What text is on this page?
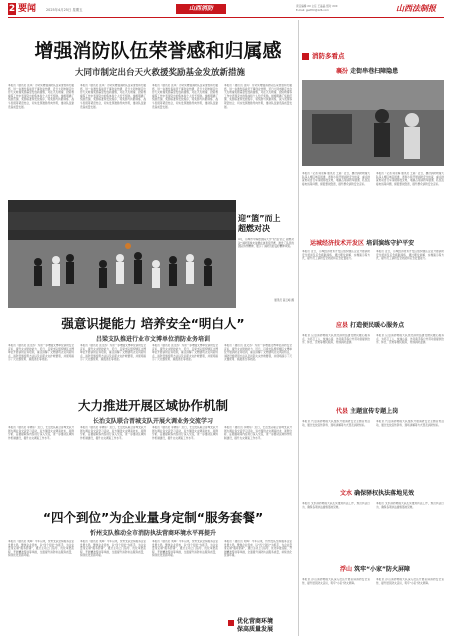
2 要闻	2025年4月25日 星期五	山西消防	责任编辑 XX 主任 王晶晶 组对 XXX
E-mail: gsxfXX@126.com	山西法制报
增强消防队伍荣誉感和归属感
大同市制定出台天火救援奖励基金发放新措施
本报讯（通讯员 张风）为切实增强消防队伍荣誉感和归属感，进一步激发指战员干事创业热情，近日大同市制定出台天火救援奖励基金发放新措施，对在灭火救援、抢险救援等工作中表现突出的集体和个人给予奖励。措施明确了奖励范围、奖励标准和发放程序，将奖励与执勤训练、战斗表现等紧密结合，切实发挥激励导向作用，推动队伍建设高质量发展。
本报讯（通讯员 张风）为切实增强消防队伍荣誉感和归属感，进一步激发指战员干事创业热情，近日大同市制定出台天火救援奖励基金发放新措施，对在灭火救援、抢险救援等工作中表现突出的集体和个人给予奖励。措施明确了奖励范围、奖励标准和发放程序，将奖励与执勤训练、战斗表现等紧密结合，切实发挥激励导向作用，推动队伍建设高质量发展。
本报讯（通讯员 张风）为切实增强消防队伍荣誉感和归属感，进一步激发指战员干事创业热情，近日大同市制定出台天火救援奖励基金发放新措施，对在灭火救援、抢险救援等工作中表现突出的集体和个人给予奖励。措施明确了奖励范围、奖励标准和发放程序，将奖励与执勤训练、战斗表现等紧密结合，切实发挥激励导向作用，推动队伍建设高质量发展。
本报讯（通讯员 张风）为切实增强消防队伍荣誉感和归属感，进一步激发指战员干事创业热情，近日大同市制定出台天火救援奖励基金发放新措施，对在灭火救援、抢险救援等工作中表现突出的集体和个人给予奖励。措施明确了奖励范围、奖励标准和发放程序，将奖励与执勤训练、战斗表现等紧密结合，切实发挥激励导向作用，推动队伍建设高质量发展。
迎“篮”而上
超燃对决
4月，运城市中海德国际大学“迎‘篮’而上 超燃对决”消防篮球友谊赛在体育馆开赛，激发了队员的团队协作精神，展示了消防员的良好精神风貌。
通讯员 高云峰 摄
强意识提能力 培养安全“明白人”
吕梁支队推进行业市文博单位消防业务培训
本报讯（通讯员 张文涛）为进一步增强文博单位消防安全意识，提升火灾防控能力，近日，吕梁支队组织辖区文博单位开展消防业务培训，重点讲解了文物建筑火灾风险特点、消防设施使用方法以及初起火灾扑救要领，并现场演示了灭火器使用、疏散逃生等技能。
本报讯（通讯员 张文涛）为进一步增强文博单位消防安全意识，提升火灾防控能力，近日，吕梁支队组织辖区文博单位开展消防业务培训，重点讲解了文物建筑火灾风险特点、消防设施使用方法以及初起火灾扑救要领，并现场演示了灭火器使用、疏散逃生等技能。
本报讯（通讯员 张文涛）为进一步增强文博单位消防安全意识，提升火灾防控能力，近日，吕梁支队组织辖区文博单位开展消防业务培训，重点讲解了文物建筑火灾风险特点、消防设施使用方法以及初起火灾扑救要领，并现场演示了灭火器使用、疏散逃生等技能。
本报讯（通讯员 张文涛）为进一步增强文博单位消防安全意识，提升火灾防控能力，近日，吕梁支队组织辖区文博单位开展消防业务培训，重点讲解了文物建筑火灾风险特点、消防设施使用方法以及初起火灾扑救要领，并现场演示了灭火器使用、疏散逃生等技能。
大力推进开展区域协作机制
长治支队联合晋城支队开展火调业务交流学习
本报讯（通讯员 李晓东）近日，长治支队联合晋城支队开展火调业务交流学习活动，双方围绕火灾调查技术、案例分析、证据提取等内容进行深入交流，进一步推动区域协作机制建设，提升火灾调查工作水平。
本报讯（通讯员 李晓东）近日，长治支队联合晋城支队开展火调业务交流学习活动，双方围绕火灾调查技术、案例分析、证据提取等内容进行深入交流，进一步推动区域协作机制建设，提升火灾调查工作水平。
本报讯（通讯员 李晓东）近日，长治支队联合晋城支队开展火调业务交流学习活动，双方围绕火灾调查技术、案例分析、证据提取等内容进行深入交流，进一步推动区域协作机制建设，提升火灾调查工作水平。
本报讯（通讯员 李晓东）近日，长治支队联合晋城支队开展火调业务交流学习活动，双方围绕火灾调查技术、案例分析、证据提取等内容进行深入交流，进一步推动区域协作机制建设，提升火灾调查工作水平。
“四个到位”为企业量身定制“服务套餐”
忻州支队推动全市消防执法营商环境水平再提升
本报讯（通讯员 刘辉）今年以来，忻州支队坚持服务企业发展大局，聚焦企业需求，以“四个到位”为抓手，为企业量身定制“服务套餐”，通过主动上门指导、优化审批流程、开展精准帮扶等举措，全面提升消防执法服务质量，持续优化营商环境。
本报讯（通讯员 刘辉）今年以来，忻州支队坚持服务企业发展大局，聚焦企业需求，以“四个到位”为抓手，为企业量身定制“服务套餐”，通过主动上门指导、优化审批流程、开展精准帮扶等举措，全面提升消防执法服务质量，持续优化营商环境。
本报讯（通讯员 刘辉）今年以来，忻州支队坚持服务企业发展大局，聚焦企业需求，以“四个到位”为抓手，为企业量身定制“服务套餐”，通过主动上门指导、优化审批流程、开展精准帮扶等举措，全面提升消防执法服务质量，持续优化营商环境。
本报讯（通讯员 刘辉）今年以来，忻州支队坚持服务企业发展大局，聚焦企业需求，以“四个到位”为抓手，为企业量身定制“服务套餐”，通过主动上门指导、优化审批流程、开展精准帮扶等举措，全面提升消防执法服务质量，持续优化营商环境。
优化营商环境
保高质量发展
消防多看点
襄汾 走街串巷扫障隐患
本报讯（记者 郭永梅 通讯员 王斌）近日，襄汾消防救援大队深入辖区城区街道、背街小巷开展消防安全检查，重点排查电动自行车违规停放充电、堵塞占用消防车通道、私拉乱接电线等问题，督促整改隐患，提升群众消防安全意识。
本报讯（记者 郭永梅 通讯员 王斌）近日，襄汾消防救援大队深入辖区城区街道、背街小巷开展消防安全检查，重点排查电动自行车违规停放充电、堵塞占用消防车通道、私拉乱接电线等问题，督促整改隐患，提升群众消防安全意识。
运城经济技术开发区 培训演练守护平安
本报讯 近日，运城经济技术开发区组织辖区企业开展消防安全培训及应急疏散演练，通过理论讲解、实操演示等方式，提升员工消防安全技能和应急处置能力。
本报讯 近日，运城经济技术开发区组织辖区企业开展消防安全培训及应急疏散演练，通过理论讲解、实操演示等方式，提升员工消防安全技能和应急处置能力。
应县 打造便民暖心服务点
本报讯 应县消防救援大队依托消防站建设便民暖心服务点，为环卫工人、快递小哥、外卖骑手等户外劳动者提供饮水、休息、充电等便民服务，传递消防温情。
本报讯 应县消防救援大队依托消防站建设便民暖心服务点，为环卫工人、快递小哥、外卖骑手等户外劳动者提供饮水、休息、充电等便民服务，传递消防温情。
代县 主题宣传专题上岗
本报讯 代县消防救援大队组织开展消防安全主题宣传活动，通过发放宣传资料、现场讲解等方式普及消防知识。
本报讯 代县消防救援大队组织开展消防安全主题宣传活动，通过发放宣传资料、现场讲解等方式普及消防知识。
文水 确保驿权执法落地见效
本报讯 文水消防救援大队扎实推进执法工作，规范执法行为，确保各项执法措施落地见效。
本报讯 文水消防救援大队扎实推进执法工作，规范执法行为，确保各项执法措施落地见效。
浮山 筑牢“小家”防火屏障
本报讯 浮山消防救援大队深入社区开展家庭消防安全宣传，提升居民防火意识，筑牢“小家”防火屏障。
本报讯 浮山消防救援大队深入社区开展家庭消防安全宣传，提升居民防火意识，筑牢“小家”防火屏障。
